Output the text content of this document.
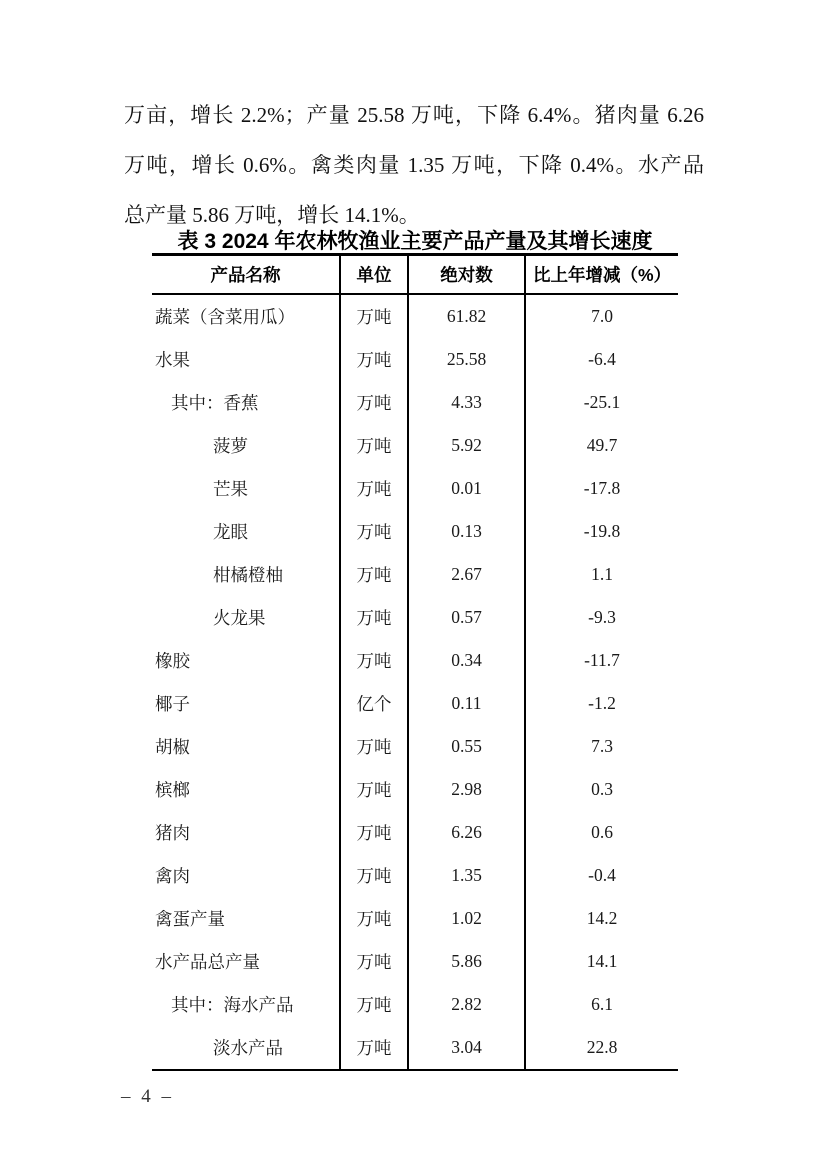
万亩，增长 2.2%；产量 25.58 万吨，下降 6.4%。猪肉量 6.26
万吨，增长 0.6%。禽类肉量 1.35 万吨，下降 0.4%。水产品
总产量 5.86 万吨，增长 14.1%。
表 3 2024 年农林牧渔业主要产品产量及其增长速度
产品名称	单位	绝对数	比上年增减（%）
蔬菜（含菜用瓜）	万吨	61.82	7.0
水果	万吨	25.58	-6.4
其中：香蕉	万吨	4.33	-25.1
菠萝	万吨	5.92	49.7
芒果	万吨	0.01	-17.8
龙眼	万吨	0.13	-19.8
柑橘橙柚	万吨	2.67	1.1
火龙果	万吨	0.57	-9.3
橡胶	万吨	0.34	-11.7
椰子	亿个	0.11	-1.2
胡椒	万吨	0.55	7.3
槟榔	万吨	2.98	0.3
猪肉	万吨	6.26	0.6
禽肉	万吨	1.35	-0.4
禽蛋产量	万吨	1.02	14.2
水产品总产量	万吨	5.86	14.1
其中：海水产品	万吨	2.82	6.1
淡水产品	万吨	3.04	22.8
– 4 –
